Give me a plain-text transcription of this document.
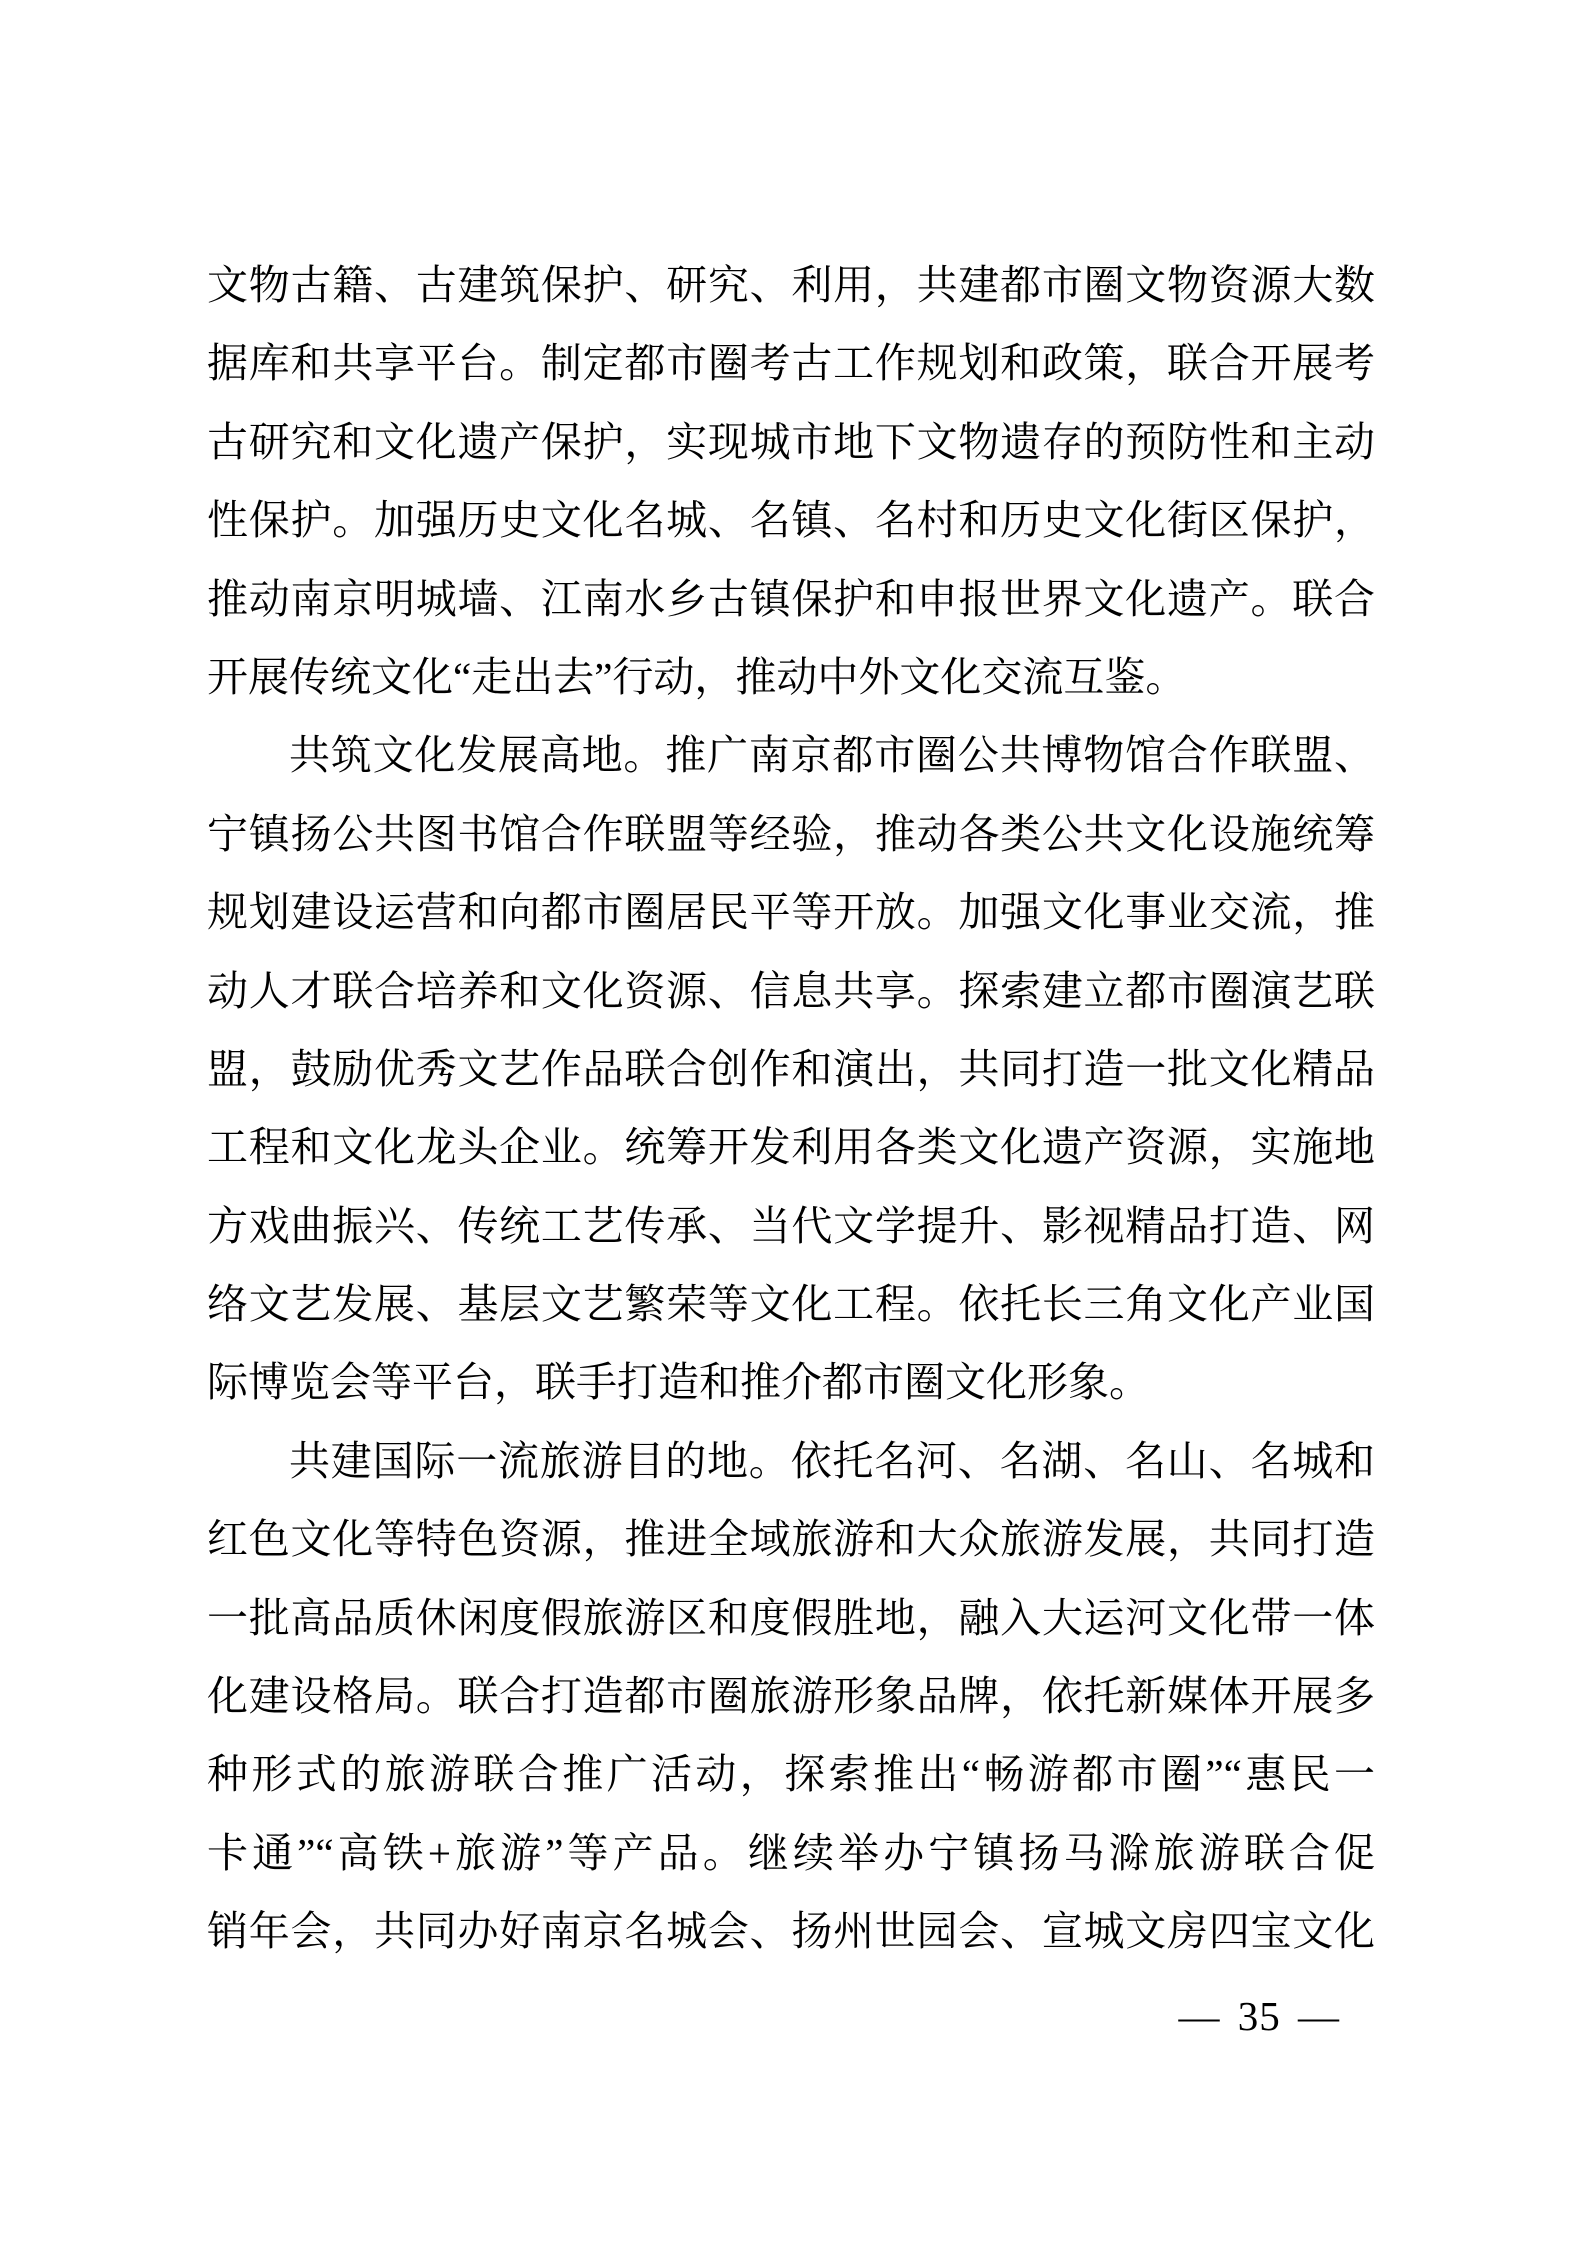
文物古籍、古建筑保护、研究、利用，共建都市圈文物资源大数
据库和共享平台。制定都市圈考古工作规划和政策，联合开展考
古研究和文化遗产保护，实现城市地下文物遗存的预防性和主动
性保护。加强历史文化名城、名镇、名村和历史文化街区保护，
推动南京明城墙、江南水乡古镇保护和申报世界文化遗产。联合
开展传统文化“走出去”行动，推动中外文化交流互鉴。
共筑文化发展高地。推广南京都市圈公共博物馆合作联盟、
宁镇扬公共图书馆合作联盟等经验，推动各类公共文化设施统筹
规划建设运营和向都市圈居民平等开放。加强文化事业交流，推
动人才联合培养和文化资源、信息共享。探索建立都市圈演艺联
盟，鼓励优秀文艺作品联合创作和演出，共同打造一批文化精品
工程和文化龙头企业。统筹开发利用各类文化遗产资源，实施地
方戏曲振兴、传统工艺传承、当代文学提升、影视精品打造、网
络文艺发展、基层文艺繁荣等文化工程。依托长三角文化产业国
际博览会等平台，联手打造和推介都市圈文化形象。
共建国际一流旅游目的地。依托名河、名湖、名山、名城和
红色文化等特色资源，推进全域旅游和大众旅游发展，共同打造
一批高品质休闲度假旅游区和度假胜地，融入大运河文化带一体
化建设格局。联合打造都市圈旅游形象品牌，依托新媒体开展多
种形式的旅游联合推广活动，探索推出“畅游都市圈”“惠民一
卡通”“高铁+旅游”等产品。继续举办宁镇扬马滁旅游联合促
销年会，共同办好南京名城会、扬州世园会、宣城文房四宝文化
— 35 —
